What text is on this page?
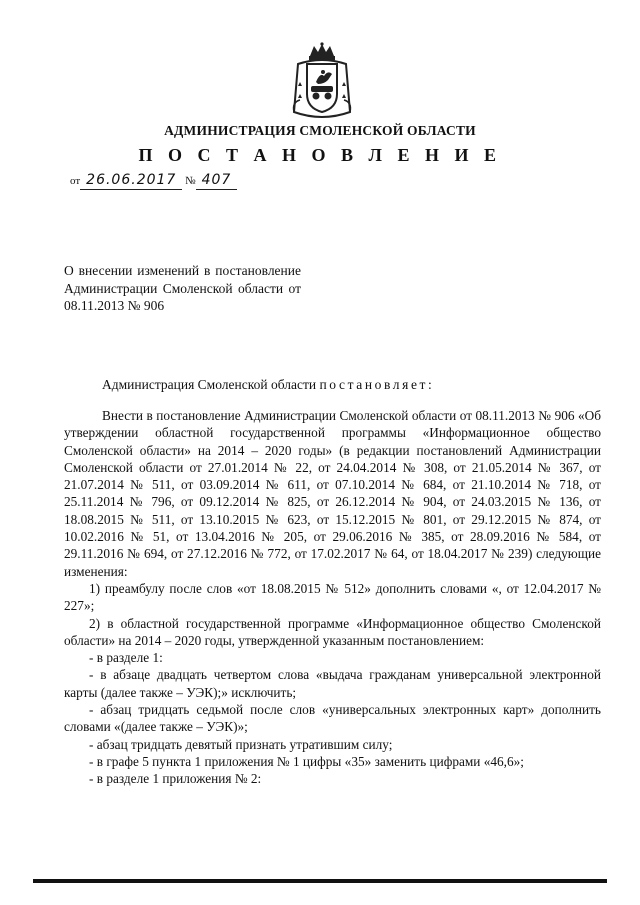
АДМИНИСТРАЦИЯ СМОЛЕНСКОЙ ОБЛАСТИ
П О С Т А Н О В Л Е Н И Е
от 26.06.2017 № 407
О внесении изменений в постановление Администрации Смоленской области от 08.11.2013 № 906
Администрация Смоленской области постановляет:

Внести в постановление Администрации Смоленской области от 08.11.2013 № 906 «Об утверждении областной государственной программы «Информационное общество Смоленской области» на 2014 – 2020 годы» (в редакции постановлений Администрации Смоленской области от 27.01.2014 № 22, от 24.04.2014 № 308, от 21.05.2014 № 367, от 21.07.2014 № 511, от 03.09.2014 № 611, от 07.10.2014 № 684, от 21.10.2014 № 718, от 25.11.2014 № 796, от 09.12.2014 № 825, от 26.12.2014 № 904, от 24.03.2015 № 136, от 18.08.2015 № 511, от 13.10.2015 № 623, от 15.12.2015 № 801, от 29.12.2015 № 874, от 10.02.2016 № 51, от 13.04.2016 № 205, от 29.06.2016 № 385, от 28.09.2016 № 584, от 29.11.2016 № 694, от 27.12.2016 № 772, от 17.02.2017 № 64, от 18.04.2017 № 239) следующие изменения:

1) преамбулу после слов «от 18.08.2015 № 512» дополнить словами «, от 12.04.2017 № 227»;

2) в областной государственной программе «Информационное общество Смоленской области» на 2014 – 2020 годы, утвержденной указанным постановлением:

- в разделе 1:

- в абзаце двадцать четвертом слова «выдача гражданам универсальной электронной карты (далее также – УЭК);» исключить;

- абзац тридцать седьмой после слов «универсальных электронных карт» дополнить словами «(далее также – УЭК)»;

- абзац тридцать девятый признать утратившим силу;

- в графе 5 пункта 1 приложения № 1 цифры «35» заменить цифрами «46,6»;

- в разделе 1 приложения № 2:
